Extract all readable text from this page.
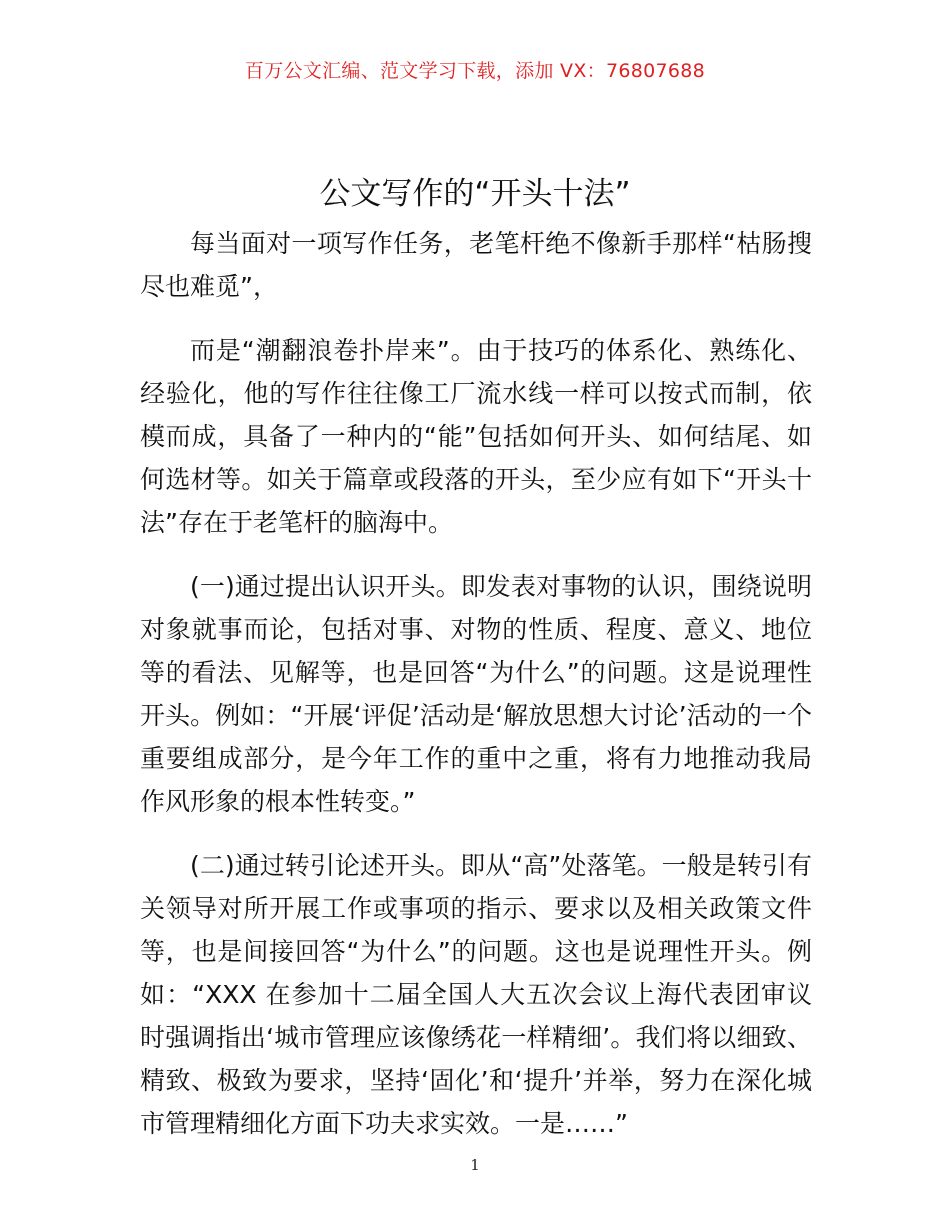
百万公文汇编、范文学习下载，添加 VX：76807688
公文写作的“开头十法”

每当面对一项写作任务，老笔杆绝不像新手那样“枯肠搜尽也难觅”，

而是“潮翻浪卷扑岸来”。由于技巧的体系化、熟练化、经验化，他的写作往往像工厂流水线一样可以按式而制，依模而成，具备了一种内的“能”包括如何开头、如何结尾、如何选材等。如关于篇章或段落的开头，至少应有如下“开头十法”存在于老笔杆的脑海中。

(一)通过提出认识开头。即发表对事物的认识，围绕说明对象就事而论，包括对事、对物的性质、程度、意义、地位等的看法、见解等，也是回答“为什么”的问题。这是说理性开头。例如：“开展‘评促’活动是‘解放思想大讨论’活动的一个重要组成部分，是今年工作的重中之重，将有力地推动我局作风形象的根本性转变。”

(二)通过转引论述开头。即从“高”处落笔。一般是转引有关领导对所开展工作或事项的指示、要求以及相关政策文件等，也是间接回答“为什么”的问题。这也是说理性开头。例如：“XXX 在参加十二届全国人大五次会议上海代表团审议时强调指出‘城市管理应该像绣花一样精细’。我们将以细致、精致、极致为要求，坚持‘固化’和‘提升’并举，努力在深化城市管理精细化方面下功夫求实效。一是……”

1
